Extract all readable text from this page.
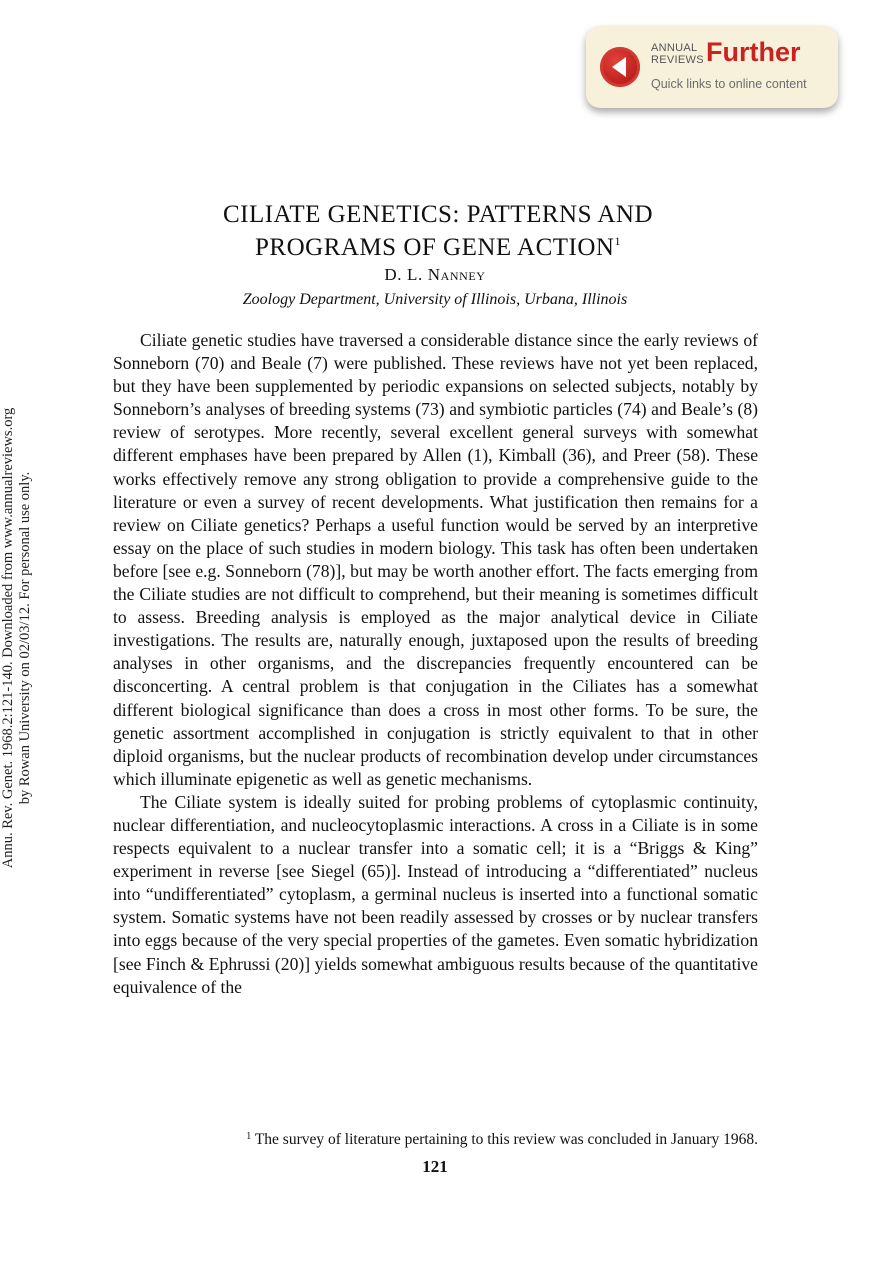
ANNUAL
REVIEWS Further
Quick links to online content
Annu. Rev. Genet. 1968.2:121-140. Downloaded from www.annualreviews.org by Rowan University on 02/03/12. For personal use only.
CILIATE GENETICS: PATTERNS AND
PROGRAMS OF GENE ACTION$^1$
D. L. Nanney
Zoology Department, University of Illinois, Urbana, Illinois

Ciliate genetic studies have traversed a considerable distance since the early reviews of Sonneborn (70) and Beale (7) were published. These reviews have not yet been replaced, but they have been supplemented by periodic expansions on selected subjects, notably by Sonneborn’s analyses of breeding systems (73) and symbiotic particles (74) and Beale’s (8) review of serotypes. More recently, several excellent general surveys with somewhat different emphases have been prepared by Allen (1), Kimball (36), and Preer (58). These works effectively remove any strong obligation to provide a comprehensive guide to the literature or even a survey of recent developments. What justification then remains for a review on Ciliate genetics? Perhaps a useful function would be served by an interpretive essay on the place of such studies in modern biology. This task has often been undertaken before [see e.g. Sonneborn (78)], but may be worth another effort. The facts emerging from the Ciliate studies are not difficult to comprehend, but their meaning is sometimes difficult to assess. Breeding analysis is employed as the major analytical device in Ciliate investigations. The results are, naturally enough, juxtaposed upon the results of breeding analyses in other organisms, and the discrepancies frequently encountered can be disconcerting. A central problem is that conjugation in the Ciliates has a somewhat different biological significance than does a cross in most other forms. To be sure, the genetic assortment accomplished in conjugation is strictly equivalent to that in other diploid organisms, but the nuclear products of recombination develop under circumstances which illuminate epigenetic as well as genetic mechanisms.

The Ciliate system is ideally suited for probing problems of cytoplasmic continuity, nuclear differentiation, and nucleocytoplasmic interactions. A cross in a Ciliate is in some respects equivalent to a nuclear transfer into a somatic cell; it is a “Briggs & King” experiment in reverse [see Siegel (65)]. Instead of introducing a “differentiated” nucleus into “undifferentiated” cytoplasm, a germinal nucleus is inserted into a functional somatic system. Somatic systems have not been readily assessed by crosses or by nuclear transfers into eggs because of the very special properties of the gametes. Even somatic hybridization [see Finch & Ephrussi (20)] yields somewhat ambiguous results because of the quantitative equivalence of the

$^1$ The survey of literature pertaining to this review was concluded in January 1968.
121
